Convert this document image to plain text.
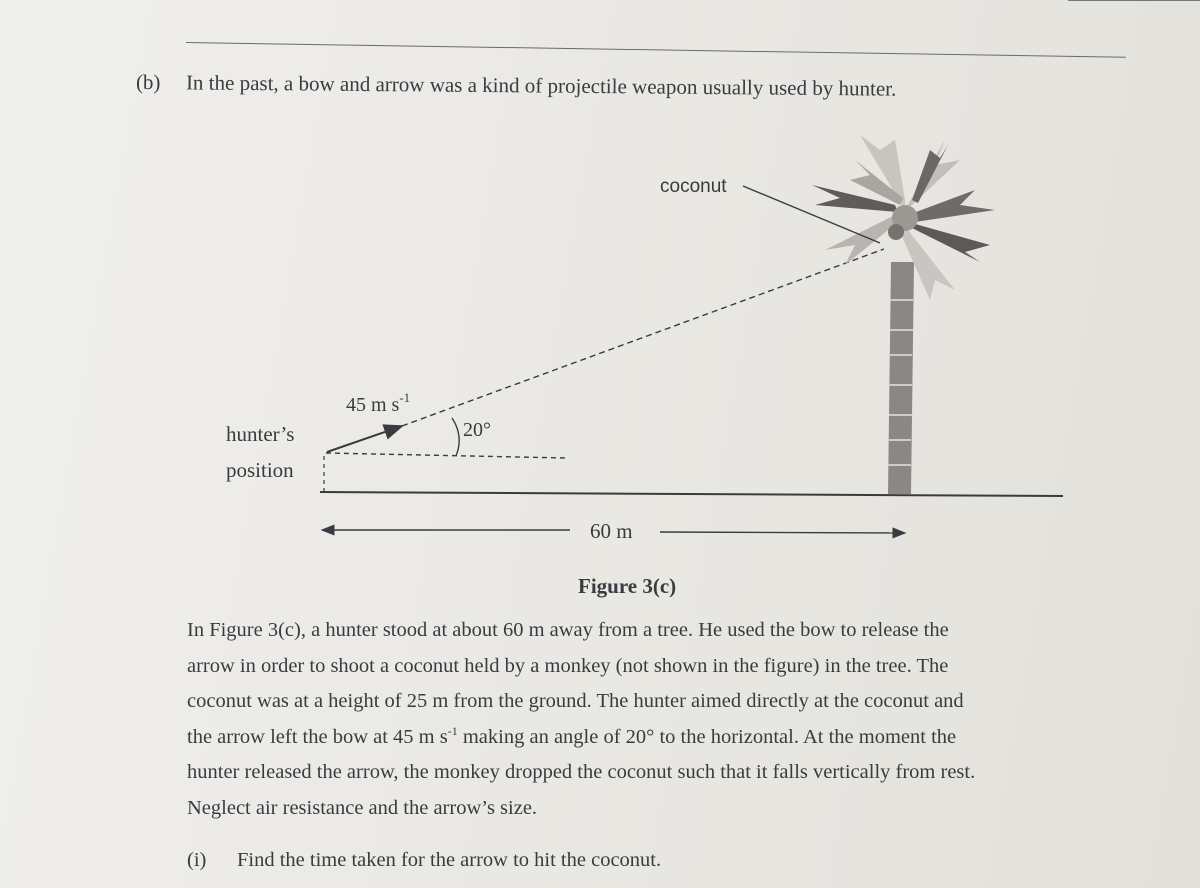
(b) In the past, a bow and arrow was a kind of projectile weapon usually used by hunter.
coconut
45 m $s^{-1}$
20°
hunter’s
position
60 m
Figure 3(c)
In Figure 3(c), a hunter stood at about 60 m away from a tree. He used the bow to release the
arrow in order to shoot a coconut held by a monkey (not shown in the figure) in the tree. The
coconut was at a height of 25 m from the ground. The hunter aimed directly at the coconut and
the arrow left the bow at 45 m $s^{-1}$ making an angle of 20° to the horizontal. At the moment the
hunter released the arrow, the monkey dropped the coconut such that it falls vertically from rest.
Neglect air resistance and the arrow’s size.
(i) Find the time taken for the arrow to hit the coconut.
